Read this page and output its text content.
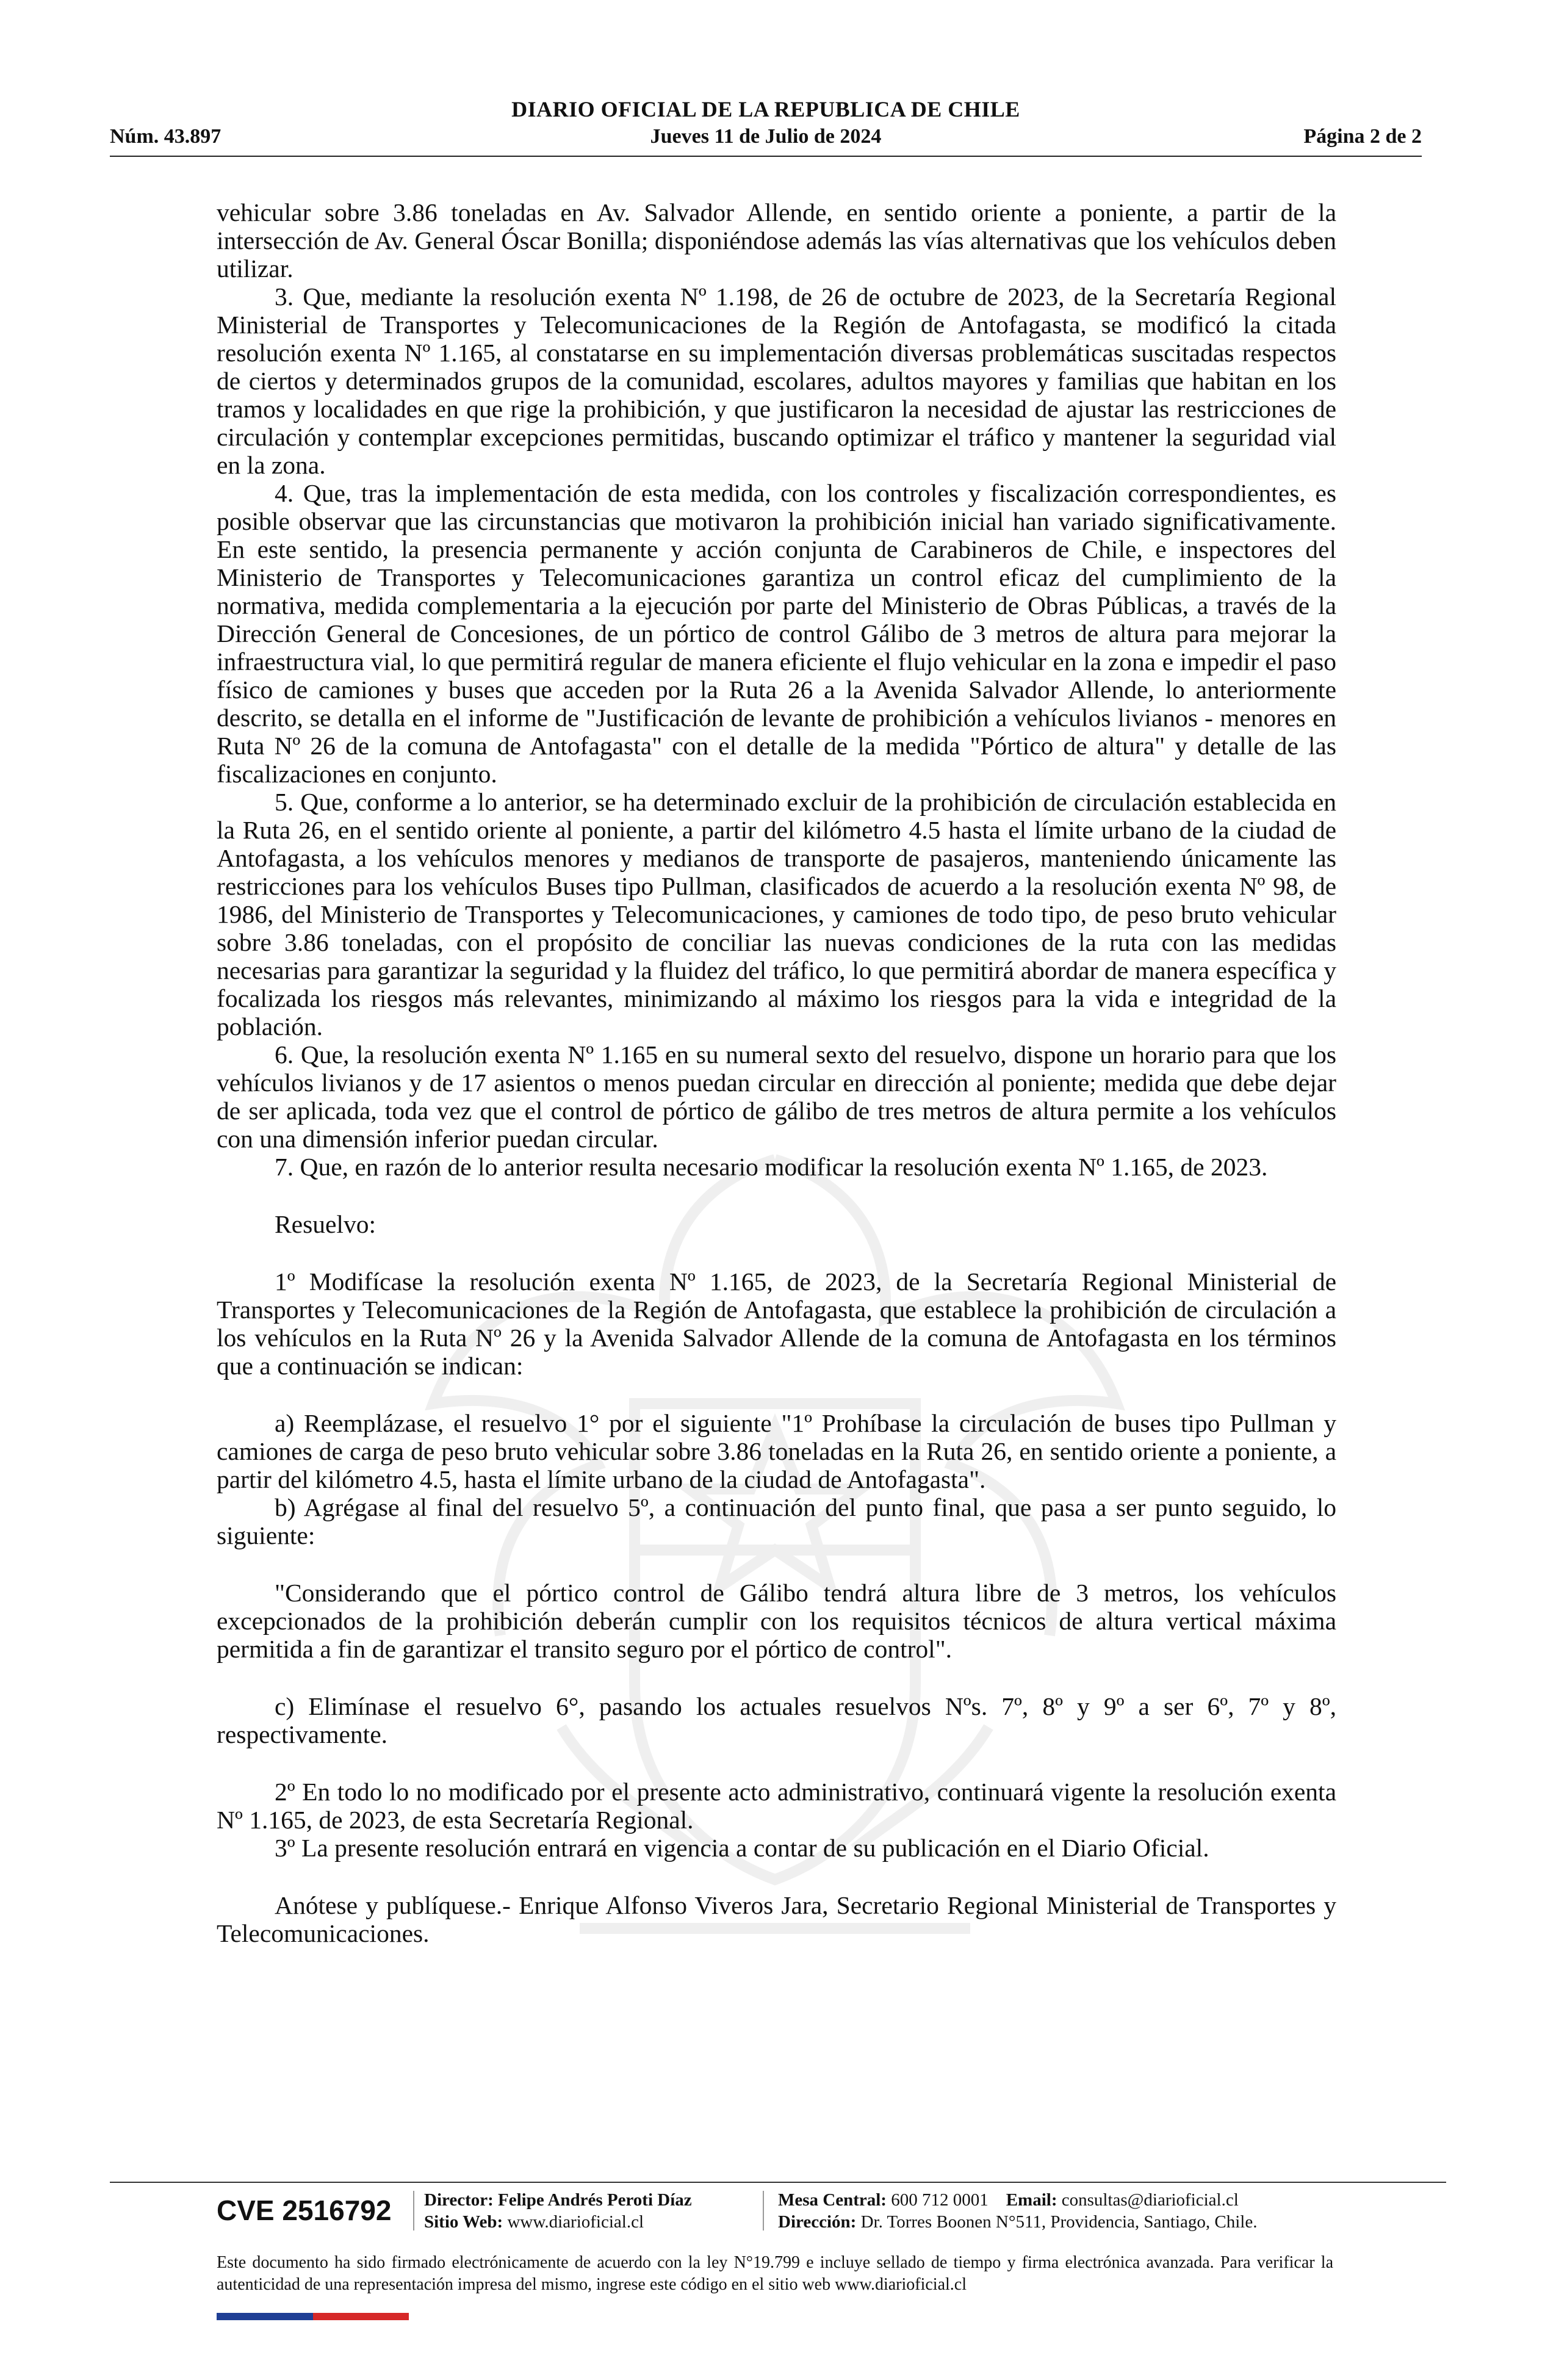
DIARIO OFICIAL DE LA REPUBLICA DE CHILE
Núm. 43.897	Jueves 11 de Julio de 2024	Página 2 de 2

vehicular sobre 3.86 toneladas en Av. Salvador Allende, en sentido oriente a poniente, a partir de la intersección de Av. General Óscar Bonilla; disponiéndose además las vías alternativas que los vehículos deben utilizar.

3. Que, mediante la resolución exenta Nº 1.198, de 26 de octubre de 2023, de la Secretaría Regional Ministerial de Transportes y Telecomunicaciones de la Región de Antofagasta, se modificó la citada resolución exenta Nº 1.165, al constatarse en su implementación diversas problemáticas suscitadas respectos de ciertos y determinados grupos de la comunidad, escolares, adultos mayores y familias que habitan en los tramos y localidades en que rige la prohibición, y que justificaron la necesidad de ajustar las restricciones de circulación y contemplar excepciones permitidas, buscando optimizar el tráfico y mantener la seguridad vial en la zona.

4. Que, tras la implementación de esta medida, con los controles y fiscalización correspondientes, es posible observar que las circunstancias que motivaron la prohibición inicial han variado significativamente. En este sentido, la presencia permanente y acción conjunta de Carabineros de Chile, e inspectores del Ministerio de Transportes y Telecomunicaciones garantiza un control eficaz del cumplimiento de la normativa, medida complementaria a la ejecución por parte del Ministerio de Obras Públicas, a través de la Dirección General de Concesiones, de un pórtico de control Gálibo de 3 metros de altura para mejorar la infraestructura vial, lo que permitirá regular de manera eficiente el flujo vehicular en la zona e impedir el paso físico de camiones y buses que acceden por la Ruta 26 a la Avenida Salvador Allende, lo anteriormente descrito, se detalla en el informe de "Justificación de levante de prohibición a vehículos livianos - menores en Ruta Nº 26 de la comuna de Antofagasta" con el detalle de la medida "Pórtico de altura" y detalle de las fiscalizaciones en conjunto.

5. Que, conforme a lo anterior, se ha determinado excluir de la prohibición de circulación establecida en la Ruta 26, en el sentido oriente al poniente, a partir del kilómetro 4.5 hasta el límite urbano de la ciudad de Antofagasta, a los vehículos menores y medianos de transporte de pasajeros, manteniendo únicamente las restricciones para los vehículos Buses tipo Pullman, clasificados de acuerdo a la resolución exenta Nº 98, de 1986, del Ministerio de Transportes y Telecomunicaciones, y camiones de todo tipo, de peso bruto vehicular sobre 3.86 toneladas, con el propósito de conciliar las nuevas condiciones de la ruta con las medidas necesarias para garantizar la seguridad y la fluidez del tráfico, lo que permitirá abordar de manera específica y focalizada los riesgos más relevantes, minimizando al máximo los riesgos para la vida e integridad de la población.

6. Que, la resolución exenta Nº 1.165 en su numeral sexto del resuelvo, dispone un horario para que los vehículos livianos y de 17 asientos o menos puedan circular en dirección al poniente; medida que debe dejar de ser aplicada, toda vez que el control de pórtico de gálibo de tres metros de altura permite a los vehículos con una dimensión inferior puedan circular.

7. Que, en razón de lo anterior resulta necesario modificar la resolución exenta Nº 1.165, de 2023.

Resuelvo:

1º Modifícase la resolución exenta Nº 1.165, de 2023, de la Secretaría Regional Ministerial de Transportes y Telecomunicaciones de la Región de Antofagasta, que establece la prohibición de circulación a los vehículos en la Ruta Nº 26 y la Avenida Salvador Allende de la comuna de Antofagasta en los términos que a continuación se indican:

a) Reemplázase, el resuelvo 1° por el siguiente "1º Prohíbase la circulación de buses tipo Pullman y camiones de carga de peso bruto vehicular sobre 3.86 toneladas en la Ruta 26, en sentido oriente a poniente, a partir del kilómetro 4.5, hasta el límite urbano de la ciudad de Antofagasta".

b) Agrégase al final del resuelvo 5º, a continuación del punto final, que pasa a ser punto seguido, lo siguiente:

"Considerando que el pórtico control de Gálibo tendrá altura libre de 3 metros, los vehículos excepcionados de la prohibición deberán cumplir con los requisitos técnicos de altura vertical máxima permitida a fin de garantizar el transito seguro por el pórtico de control".

c) Elimínase el resuelvo 6°, pasando los actuales resuelvos Nºs. 7º, 8º y 9º a ser 6º, 7º y 8º, respectivamente.

2º En todo lo no modificado por el presente acto administrativo, continuará vigente la resolución exenta Nº 1.165, de 2023, de esta Secretaría Regional.

3º La presente resolución entrará en vigencia a contar de su publicación en el Diario Oficial.

Anótese y publíquese.- Enrique Alfonso Viveros Jara, Secretario Regional Ministerial de Transportes y Telecomunicaciones.

CVE 2516792 Director: Felipe Andrés Peroti Díaz
Sitio Web: www.diarioficial.cl
Mesa Central: 600 712 0001 Email: consultas@diarioficial.cl
Dirección: Dr. Torres Boonen N°511, Providencia, Santiago, Chile.
Este documento ha sido firmado electrónicamente de acuerdo con la ley N°19.799 e incluye sellado de tiempo y firma electrónica avanzada. Para verificar la autenticidad de una representación impresa del mismo, ingrese este código en el sitio web www.diarioficial.cl
